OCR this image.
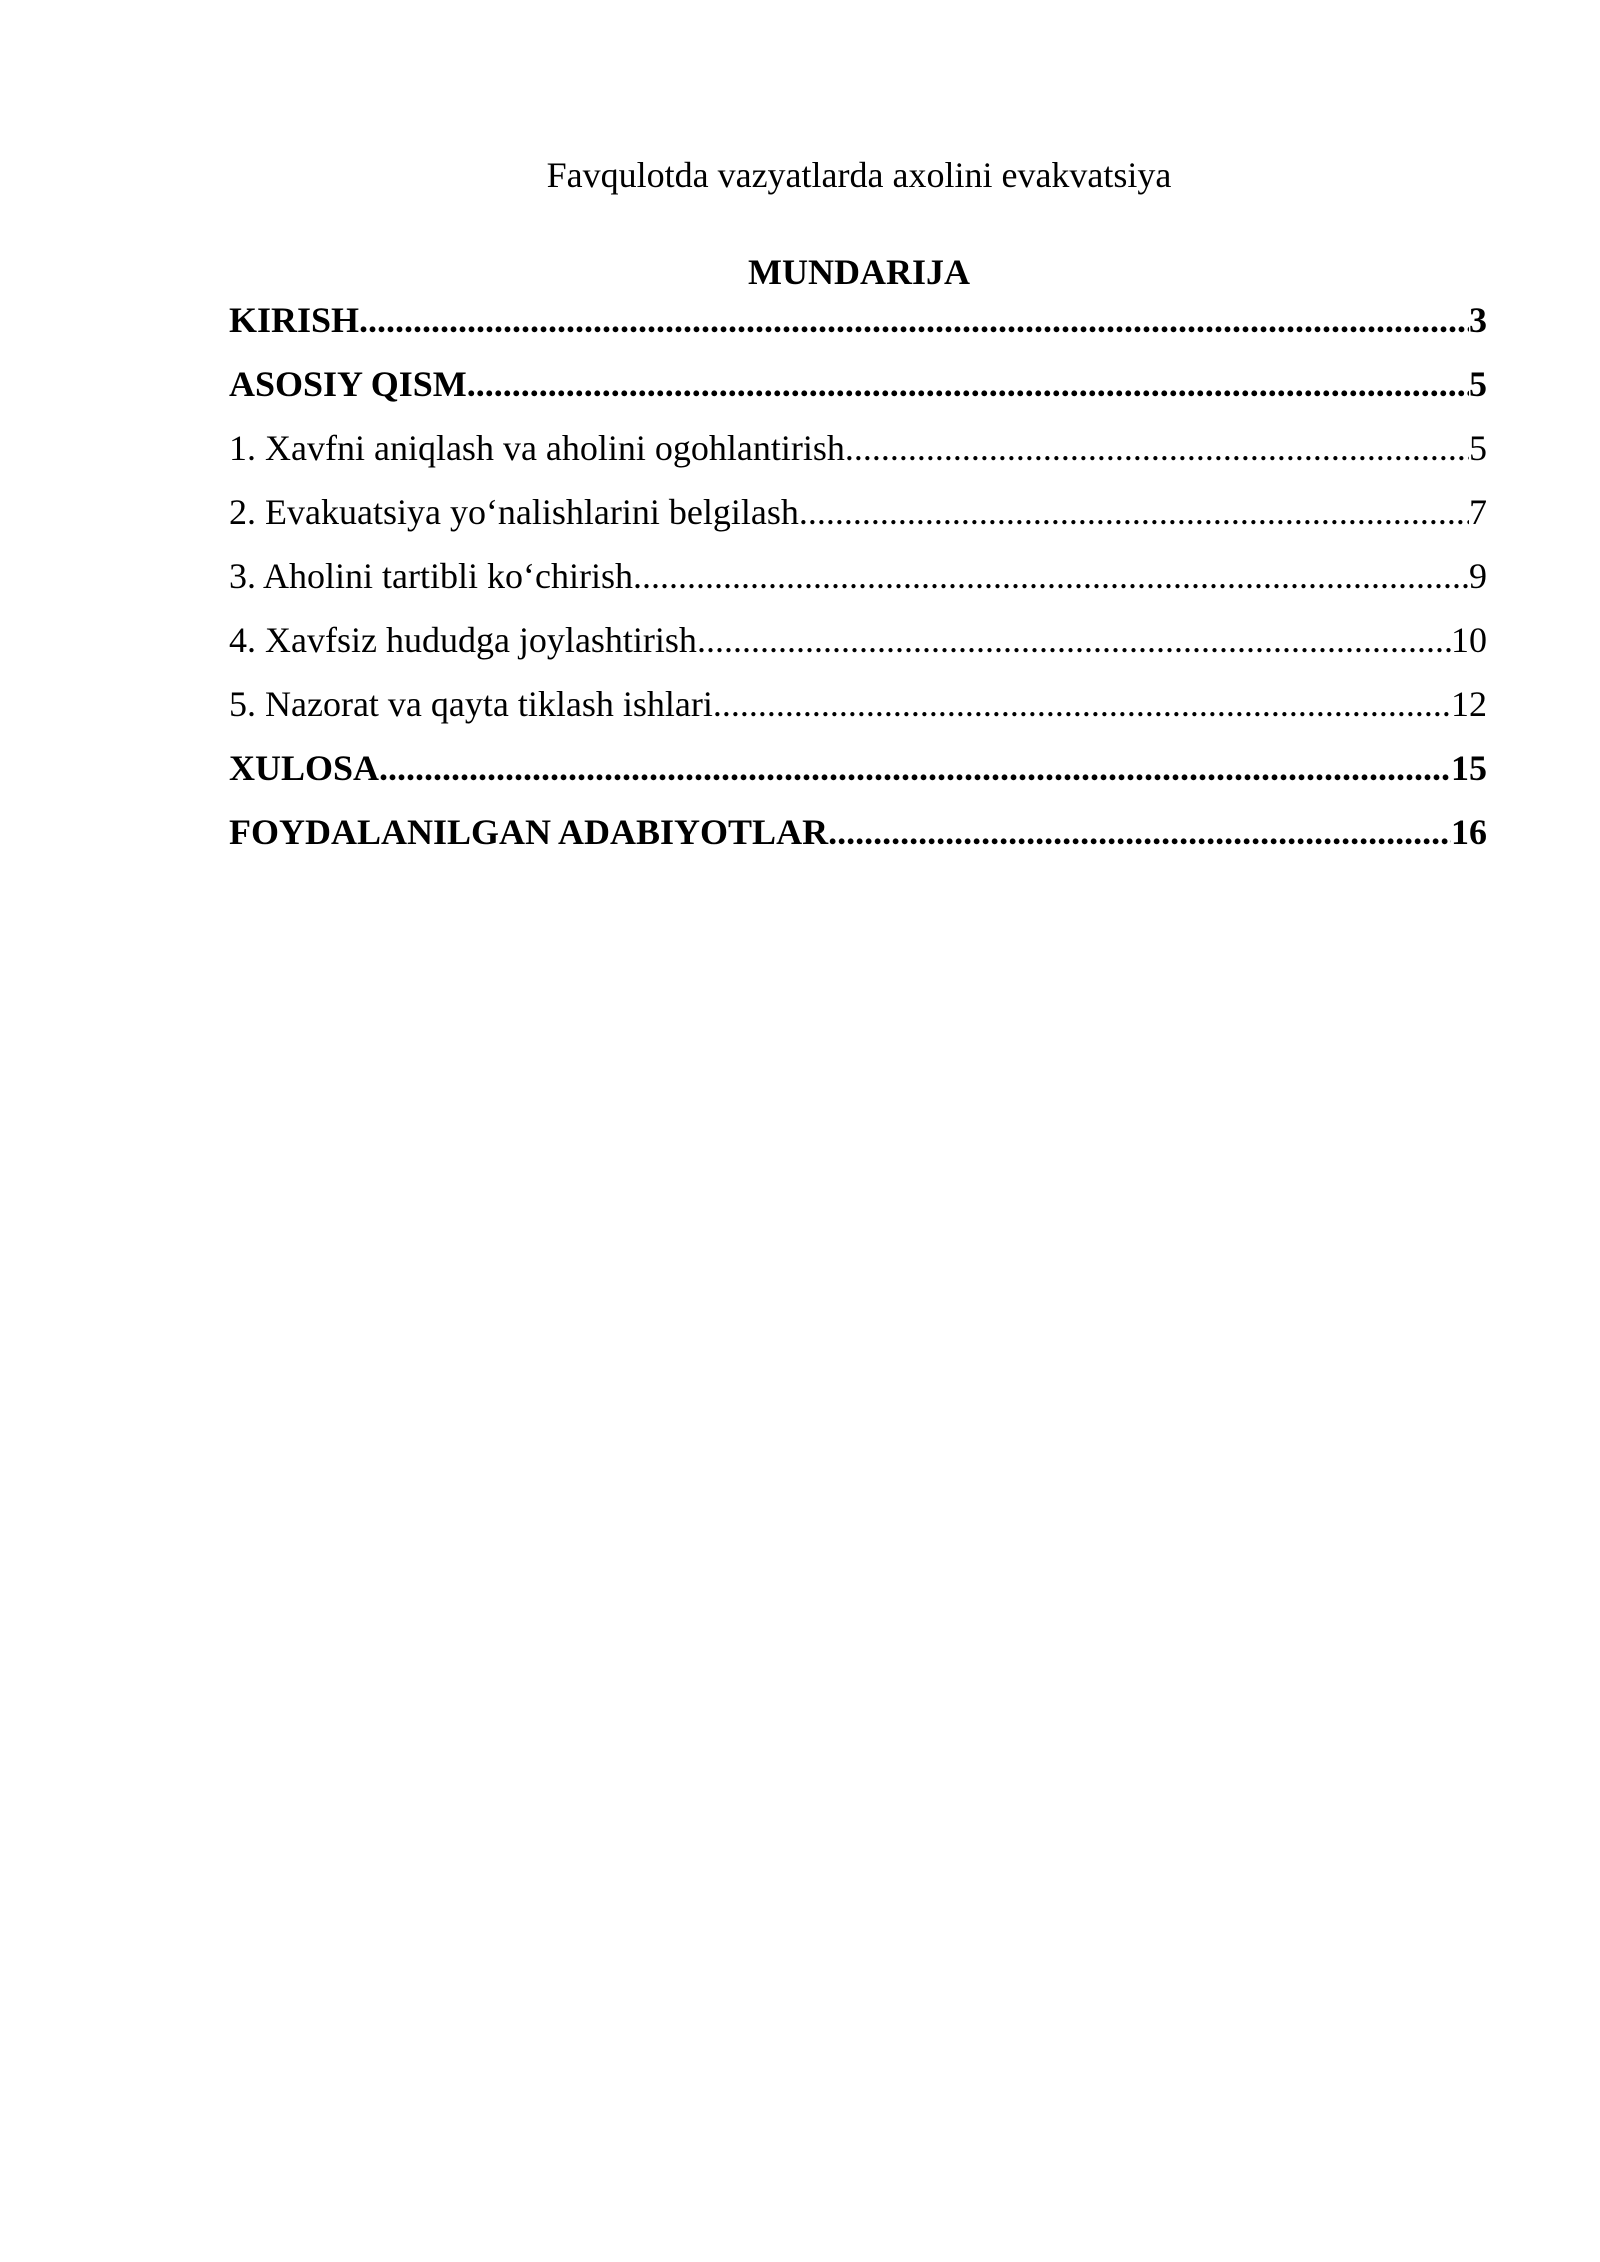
Favqulotda vazyatlarda axolini evakvatsiya
MUNDARIJA
KIRISH .....	3
ASOSIY QISM .....	5
1. Xavfni aniqlash va aholini ogohlantirish .....	5
2. Evakuatsiya yo‘nalishlarini belgilash .....	7
3. Aholini tartibli ko‘chirish .....	9
4. Xavfsiz hududga joylashtirish .....	10
5. Nazorat va qayta tiklash ishlari .....	12
XULOSA .....	15
FOYDALANILGAN ADABIYOTLAR .....	16
